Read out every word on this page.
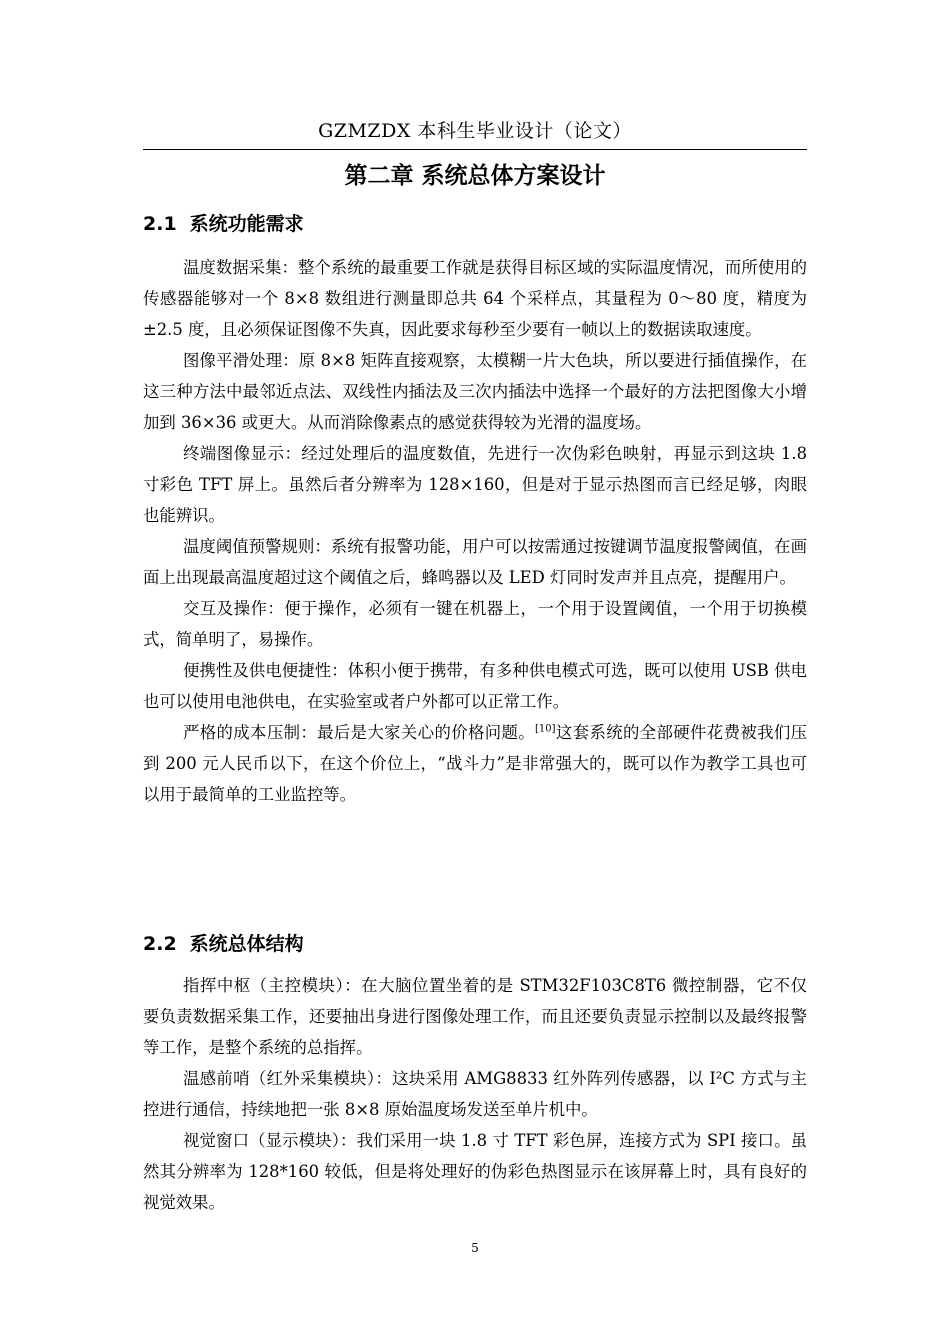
GZMZDX 本科生毕业设计（论文）
第二章 系统总体方案设计
2.1 系统功能需求

温度数据采集：整个系统的最重要工作就是获得目标区域的实际温度情况，而所使用的传感器能够对一个 8×8 数组进行测量即总共 64 个采样点，其量程为 0～80 度，精度为±2.5 度，且必须保证图像不失真，因此要求每秒至少要有一帧以上的数据读取速度。

图像平滑处理：原 8×8 矩阵直接观察，太模糊一片大色块，所以要进行插值操作，在这三种方法中最邻近点法、双线性内插法及三次内插法中选择一个最好的方法把图像大小增加到 36×36 或更大。从而消除像素点的感觉获得较为光滑的温度场。

终端图像显示：经过处理后的温度数值，先进行一次伪彩色映射，再显示到这块 1.8 寸彩色 TFT 屏上。虽然后者分辨率为 128×160，但是对于显示热图而言已经足够，肉眼也能辨识。

温度阈值预警规则：系统有报警功能，用户可以按需通过按键调节温度报警阈值，在画面上出现最高温度超过这个阈值之后，蜂鸣器以及 LED 灯同时发声并且点亮，提醒用户。

交互及操作：便于操作，必须有一键在机器上，一个用于设置阈值，一个用于切换模式，简单明了，易操作。

便携性及供电便捷性：体积小便于携带，有多种供电模式可选，既可以使用 USB 供电也可以使用电池供电，在实验室或者户外都可以正常工作。

严格的成本压制：最后是大家关心的价格问题。[10]这套系统的全部硬件花费被我们压到 200 元人民币以下，在这个价位上，“战斗力”是非常强大的，既可以作为教学工具也可以用于最简单的工业监控等。

2.2 系统总体结构

指挥中枢（主控模块）：在大脑位置坐着的是 STM32F103C8T6 微控制器，它不仅要负责数据采集工作，还要抽出身进行图像处理工作，而且还要负责显示控制以及最终报警等工作，是整个系统的总指挥。

温感前哨（红外采集模块）：这块采用 AMG8833 红外阵列传感器，以 I²C 方式与主控进行通信，持续地把一张 8×8 原始温度场发送至单片机中。

视觉窗口（显示模块）：我们采用一块 1.8 寸 TFT 彩色屏，连接方式为 SPI 接口。虽然其分辨率为 128*160 较低，但是将处理好的伪彩色热图显示在该屏幕上时，具有良好的视觉效果。

5
